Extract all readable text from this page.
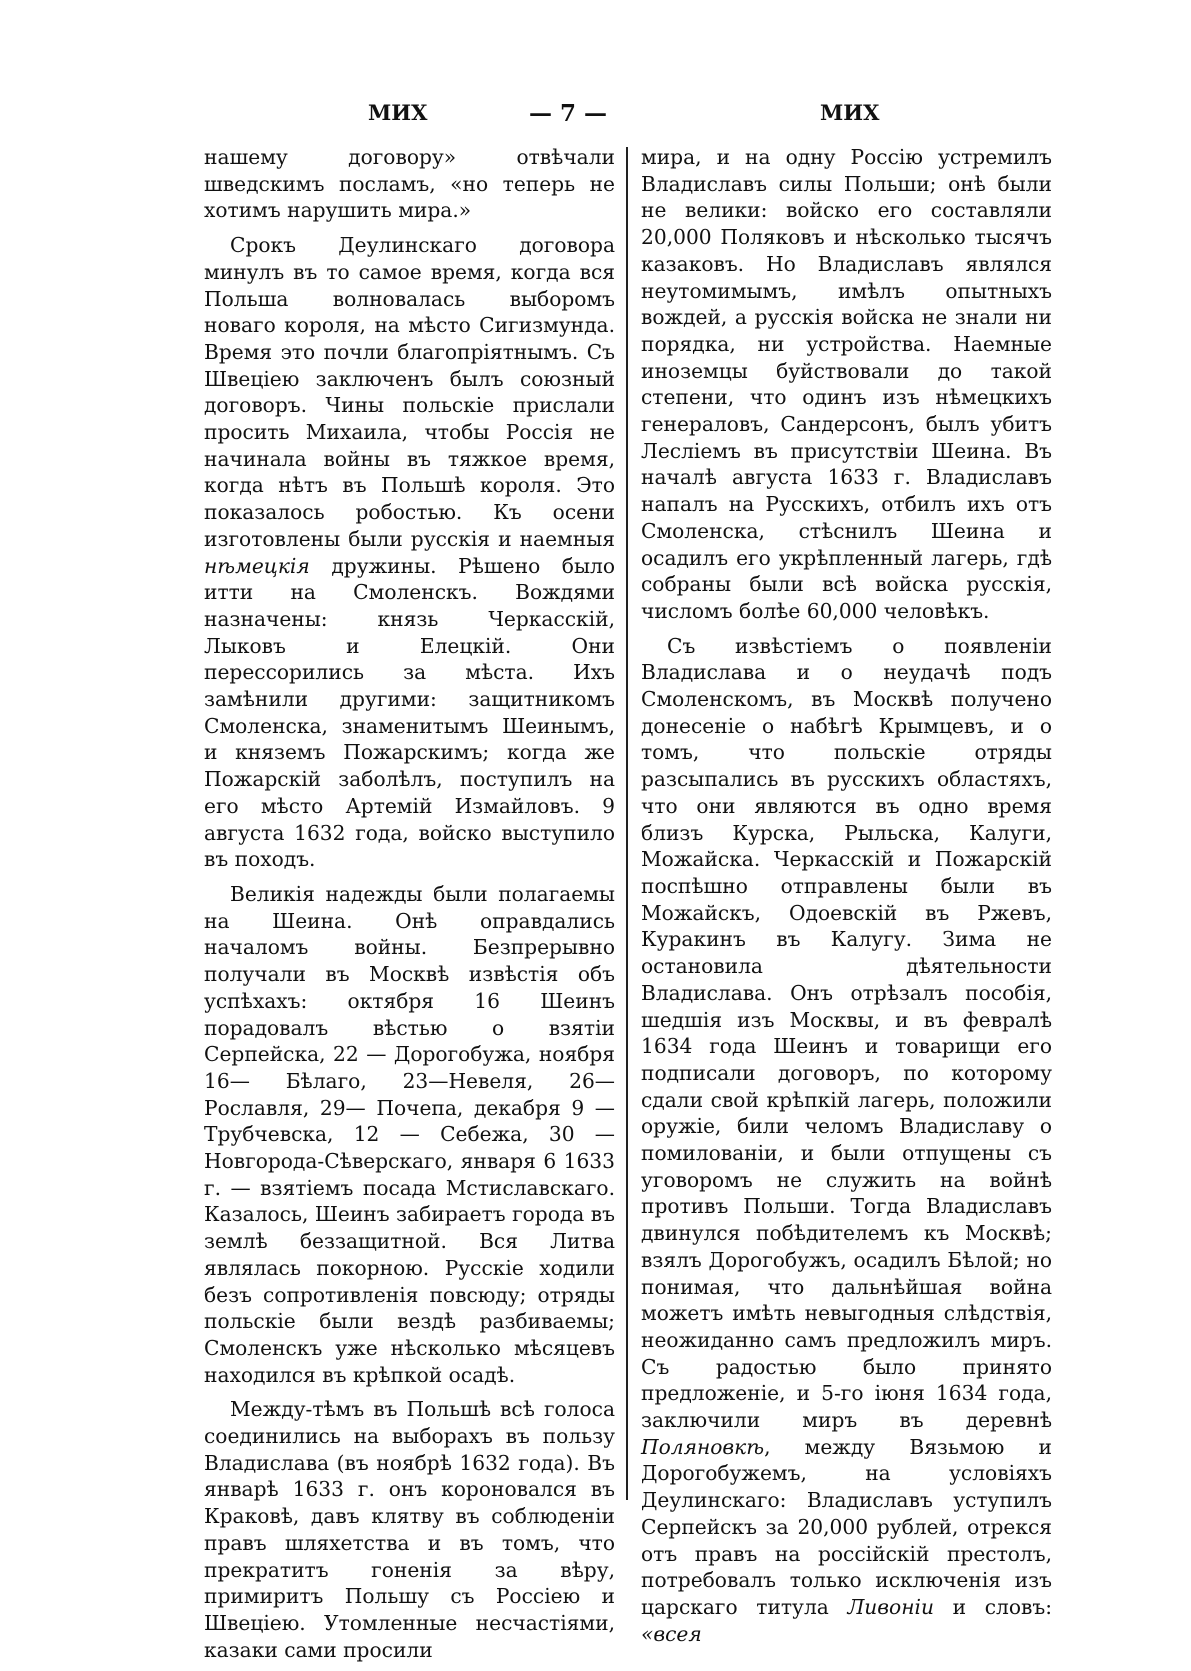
МИХ	— 7 —	МИХ

нашему договору» отвѣчали шведскимъ посламъ, «но теперь не хотимъ нарушить мира.»

Срокъ Деулинскаго договора минулъ въ то самое время, когда вся Польша волновалась выборомъ новаго короля, на мѣсто Сигизмунда. Время это почли благопріятнымъ. Съ Швеціею заключенъ былъ союзный договоръ. Чины польскіе прислали просить Михаила, чтобы Россія не начинала войны въ тяжкое время, когда нѣтъ въ Польшѣ короля. Это показалось робостью. Къ осени изготовлены были русскія и наемныя нѣмецкія дружины. Рѣшено было итти на Смоленскъ. Вождями назначены: князь Черкасскій, Лыковъ и Елецкій. Они перессорились за мѣста. Ихъ замѣнили другими: защитникомъ Смоленска, знаменитымъ Шеинымъ, и княземъ Пожарскимъ; когда же Пожарскій заболѣлъ, поступилъ на его мѣсто Артемій Измайловъ. 9 августа 1632 года, войско выступило въ походъ.

Великія надежды были полагаемы на Шеина. Онѣ оправдались началомъ войны. Безпрерывно получали въ Москвѣ извѣстія объ успѣхахъ: октября 16 Шеинъ порадовалъ вѣстью о взятіи Серпейска, 22 — Дорогобужа, ноября 16— Бѣлаго, 23—Невеля, 26—Рославля, 29— Почепа, декабря 9 — Трубчевска, 12 — Себежа, 30 — Новгорода-Сѣверскаго, января 6 1633 г. — взятіемъ посада Мстиславскаго. Казалось, Шеинъ забираетъ города въ землѣ беззащитной. Вся Литва являлась покорною. Русскіе ходили безъ сопротивленія повсюду; отряды польскіе были вездѣ разбиваемы; Смоленскъ уже нѣсколько мѣсяцевъ находился въ крѣпкой осадѣ.

Между-тѣмъ въ Польшѣ всѣ голоса соединились на выборахъ въ пользу Владислава (въ ноябрѣ 1632 года). Въ январѣ 1633 г. онъ короновался въ Краковѣ, давъ клятву въ соблюденіи правъ шляхетства и въ томъ, что прекратитъ гоненія за вѣру, примиритъ Польшу съ Россіею и Швеціею. Утомленные несчастіями, казаки сами просили

мира, и на одну Россію устремилъ Владиславъ силы Польши; онѣ были не велики: войско его составляли 20,000 Поляковъ и нѣсколько тысячъ казаковъ. Но Владиславъ являлся неутомимымъ, имѣлъ опытныхъ вождей, а русскія войска не знали ни порядка, ни устройства. Наемные иноземцы буйствовали до такой степени, что одинъ изъ нѣмецкихъ генераловъ, Сандерсонъ, былъ убитъ Леслiемъ въ присутствіи Шеина. Въ началѣ августа 1633 г. Владиславъ напалъ на Русскихъ, отбилъ ихъ отъ Смоленска, стѣснилъ Шеина и осадилъ его укрѣпленный лагерь, гдѣ собраны были всѣ войска русскія, числомъ болѣе 60,000 человѣкъ.

Съ извѣстіемъ о появленіи Владислава и о неудачѣ подъ Смоленскомъ, въ Москвѣ получено донесеніе о набѣгѣ Крымцевъ, и о томъ, что польскіе отряды разсыпались въ русскихъ областяхъ, что они являются въ одно время близъ Курска, Рыльска, Калуги, Можайска. Черкасскій и Пожарскій поспѣшно отправлены были въ Можайскъ, Одоевскій въ Ржевъ, Куракинъ въ Калугу. Зима не остановила дѣятельности Владислава. Онъ отрѣзалъ пособія, шедшія изъ Москвы, и въ февралѣ 1634 года Шеинъ и товарищи его подписали договоръ, по которому сдали свой крѣпкій лагерь, положили оружіе, били челомъ Владиславу о помилованіи, и были отпущены съ уговоромъ не служить на войнѣ противъ Польши. Тогда Владиславъ двинулся побѣдителемъ къ Москвѣ; взялъ Дорогобужъ, осадилъ Бѣлой; но понимая, что дальнѣйшая война можетъ имѣть невыгодныя слѣдствія, неожиданно самъ предложилъ миръ. Съ радостью было принято предложеніе, и 5-го іюня 1634 года, заключили миръ въ деревнѣ Поляновкѣ, между Вязьмою и Дорогобужемъ, на условіяхъ Деулинскаго: Владиславъ уступилъ Серпейскъ за 20,000 рублей, отрекся отъ правъ на россійскій престолъ, потребовалъ только исключенія изъ царскаго титула Ливоніи и словъ: «всея
